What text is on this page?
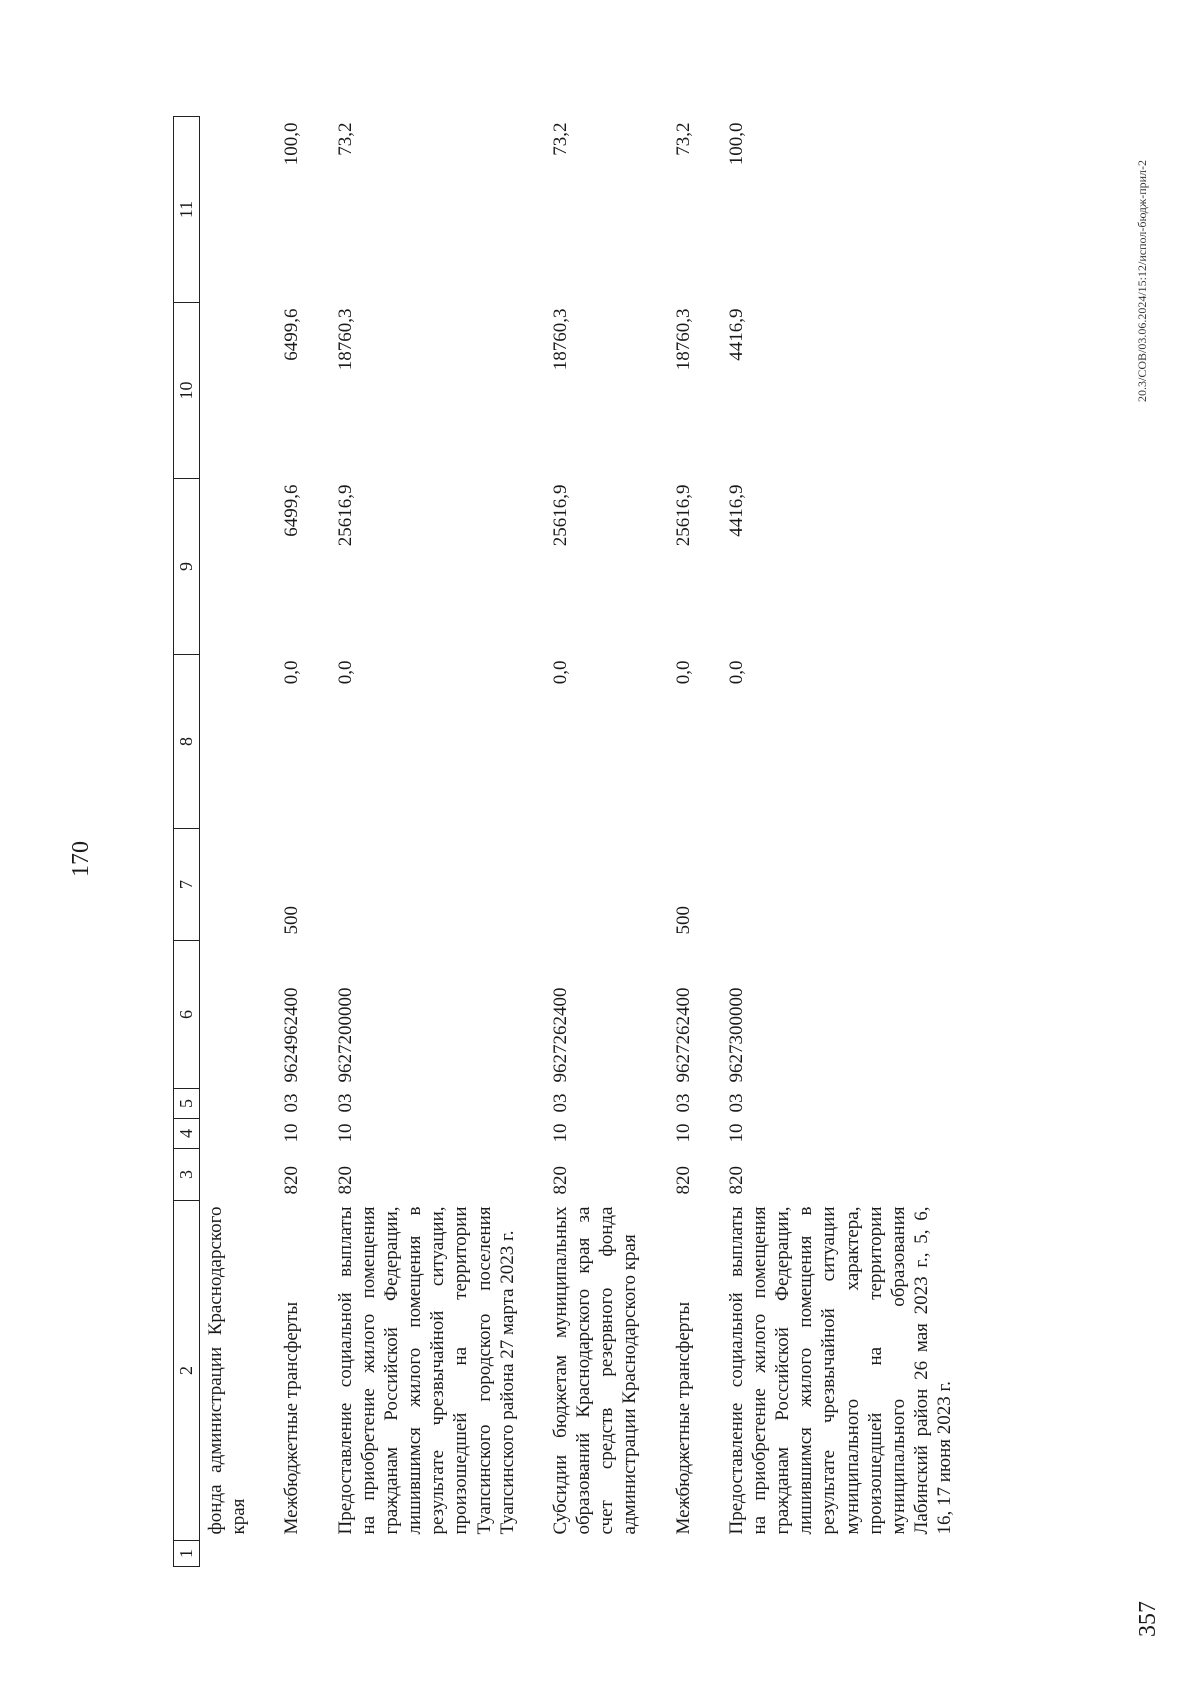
170
1	2	3	4	5	6	7	8	9	10	11
	фонда администрации Краснодарского края									
	Межбюджетные трансферты	820	10	03	9624962400	500	0,0	6499,6	6499,6	100,0
	Предоставление социальной выплаты на приобретение жилого помещения гражданам Российской Федерации, лишившимся жилого помещения в результате чрезвычайной ситуации, произошедшей на территории Туапсинского городского поселения Туапсинского района 27 марта 2023 г.	820	10	03	9627200000		0,0	25616,9	18760,3	73,2
	Субсидии бюджетам муниципальных образований Краснодарского края за счет средств резервного фонда администрации Краснодарского края	820	10	03	9627262400		0,0	25616,9	18760,3	73,2
	Межбюджетные трансферты	820	10	03	9627262400	500	0,0	25616,9	18760,3	73,2
	Предоставление социальной выплаты на приобретение жилого помещения гражданам Российской Федерации, лишившимся жилого помещения в результате чрезвычайной ситуации муниципального характера, произошедшей на территории муниципального образования Лабинский район 26 мая 2023 г., 5, 6, 16, 17 июня 2023 г.	820	10	03	9627300000		0,0	4416,9	4416,9	100,0
357
20.3/СОВ/03.06.2024/15:12/испол-бюдж-прил-2
